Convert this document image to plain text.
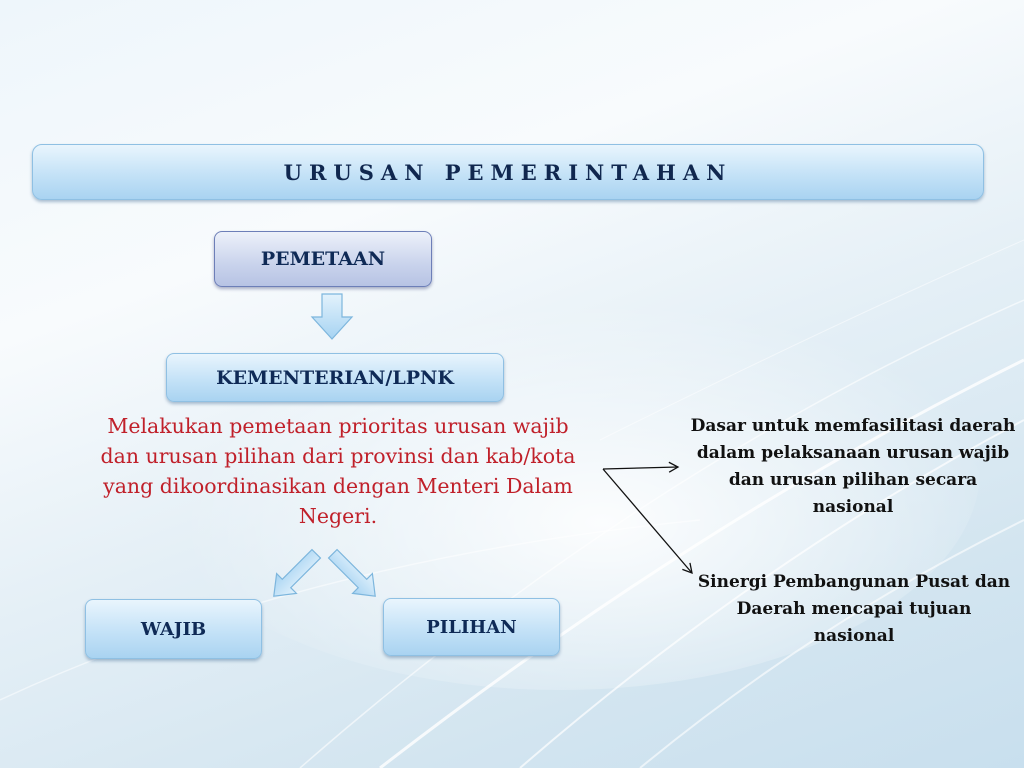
URUSAN PEMERINTAHAN
PEMETAAN
KEMENTERIAN/LPNK
Melakukan pemetaan prioritas urusan wajib dan urusan pilihan dari provinsi dan kab/kota yang dikoordinasikan dengan Menteri Dalam Negeri.
WAJIB	PILIHAN
Dasar untuk memfasilitasi daerah dalam pelaksanaan urusan wajib dan urusan pilihan secara nasional
Sinergi Pembangunan Pusat dan Daerah mencapai tujuan nasional
